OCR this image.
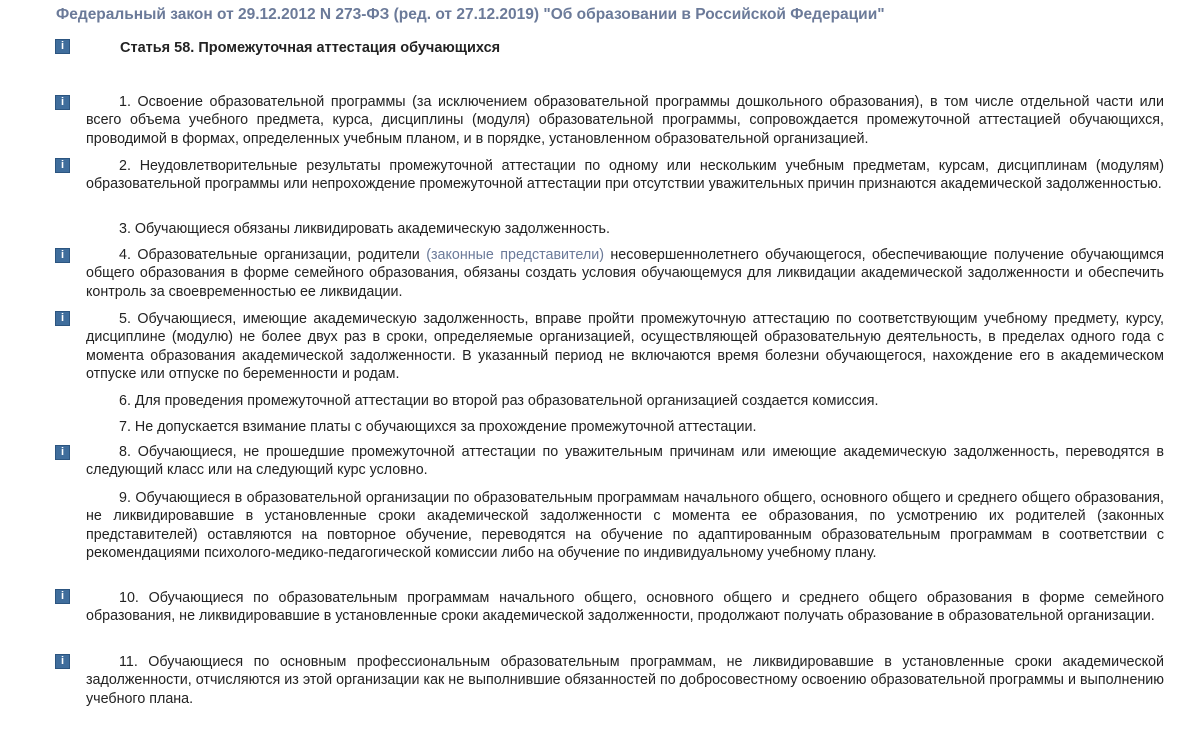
Федеральный закон от 29.12.2012 N 273-ФЗ (ред. от 27.12.2019) "Об образовании в Российской Федерации"
i	Статья 58. Промежуточная аттестация обучающихся
i	1. Освоение образовательной программы (за исключением образовательной программы дошкольного образования), в том числе отдельной части или всего объема учебного предмета, курса, дисциплины (модуля) образовательной программы, сопровождается промежуточной аттестацией обучающихся, проводимой в формах, определенных учебным планом, и в порядке, установленном образовательной организацией.

i	2. Неудовлетворительные результаты промежуточной аттестации по одному или нескольким учебным предметам, курсам, дисциплинам (модулям) образовательной программы или непрохождение промежуточной аттестации при отсутствии уважительных причин признаются академической задолженностью.

3. Обучающиеся обязаны ликвидировать академическую задолженность.

i	4. Образовательные организации, родители (законные представители) несовершеннолетнего обучающегося, обеспечивающие получение обучающимся общего образования в форме семейного образования, обязаны создать условия обучающемуся для ликвидации академической задолженности и обеспечить контроль за своевременностью ее ликвидации.

i	5. Обучающиеся, имеющие академическую задолженность, вправе пройти промежуточную аттестацию по соответствующим учебному предмету, курсу, дисциплине (модулю) не более двух раз в сроки, определяемые организацией, осуществляющей образовательную деятельность, в пределах одного года с момента образования академической задолженности. В указанный период не включаются время болезни обучающегося, нахождение его в академическом отпуске или отпуске по беременности и родам.

6. Для проведения промежуточной аттестации во второй раз образовательной организацией создается комиссия.

7. Не допускается взимание платы с обучающихся за прохождение промежуточной аттестации.

i	8. Обучающиеся, не прошедшие промежуточной аттестации по уважительным причинам или имеющие академическую задолженность, переводятся в следующий класс или на следующий курс условно.

9. Обучающиеся в образовательной организации по образовательным программам начального общего, основного общего и среднего общего образования, не ликвидировавшие в установленные сроки академической задолженности с момента ее образования, по усмотрению их родителей (законных представителей) оставляются на повторное обучение, переводятся на обучение по адаптированным образовательным программам в соответствии с рекомендациями психолого-медико-педагогической комиссии либо на обучение по индивидуальному учебному плану.

i	10. Обучающиеся по образовательным программам начального общего, основного общего и среднего общего образования в форме семейного образования, не ликвидировавшие в установленные сроки академической задолженности, продолжают получать образование в образовательной организации.

i	11. Обучающиеся по основным профессиональным образовательным программам, не ликвидировавшие в установленные сроки академической задолженности, отчисляются из этой организации как не выполнившие обязанностей по добросовестному освоению образовательной программы и выполнению учебного плана.
